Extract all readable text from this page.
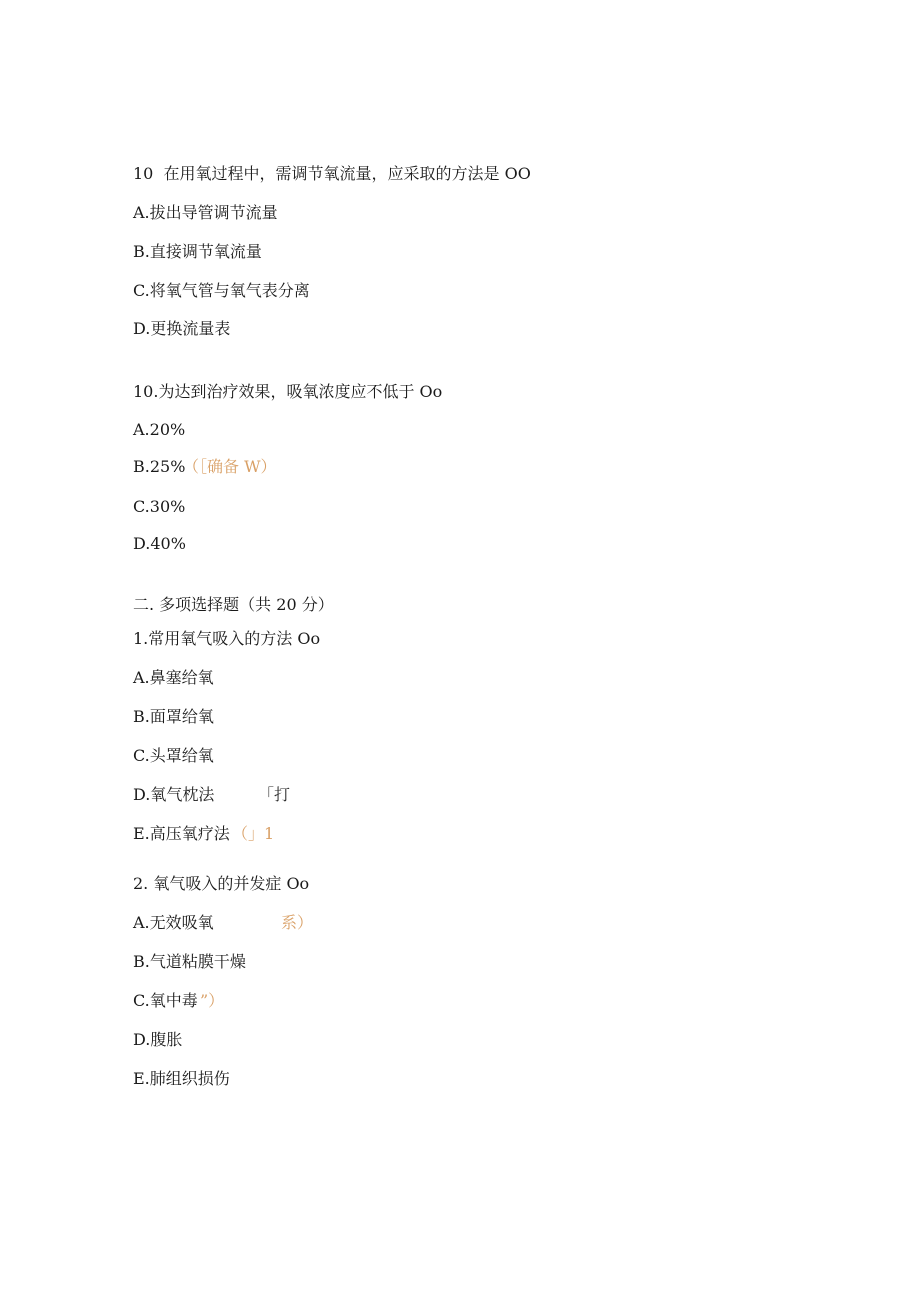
10  在用氧过程中，需调节氧流量，应采取的方法是 OO

A.拔出导管调节流量

B.直接调节氧流量

C.将氧气管与氧气表分离

D.更换流量表

10.为达到治疗效果，吸氧浓度应不低于 Oo

A.20%

B.25%

（［确备 W）

C.30%

D.40%

二. 多项选择题（共 20 分）

1.常用氧气吸入的方法 Oo

A.鼻塞给氧

B.面罩给氧

C.头罩给氧

D.氧气枕法	「打

E.高压氧疗法 （」1

2. 氧气吸入的并发症 Oo

A.无效吸氧	系）

B.气道粘膜干燥

C.氧中毒 ”）

D.腹胀

E.肺组织损伤
